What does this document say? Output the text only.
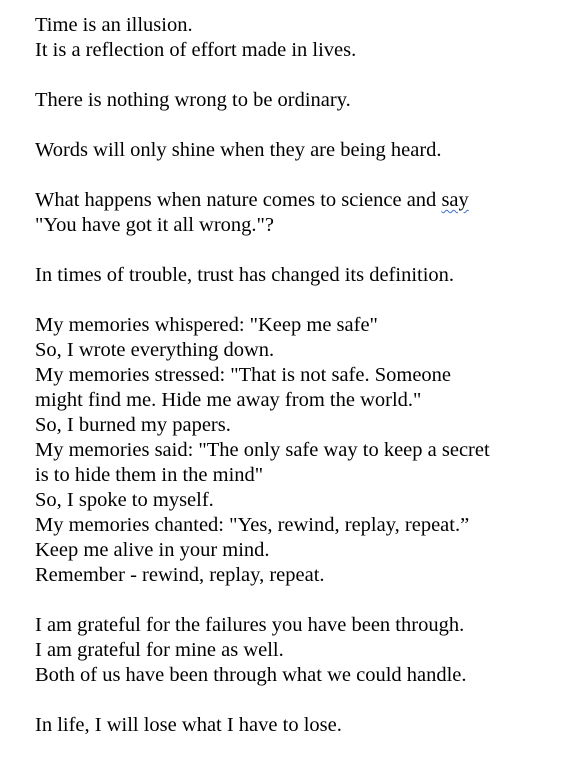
Time is an illusion.
It is a reflection of effort made in lives.
There is nothing wrong to be ordinary.
Words will only shine when they are being heard.
What happens when nature comes to science and say
"You have got it all wrong."?
In times of trouble, trust has changed its definition.
My memories whispered: "Keep me safe"
So, I wrote everything down.
My memories stressed: "That is not safe. Someone
might find me. Hide me away from the world."
So, I burned my papers.
My memories said: "The only safe way to keep a secret
is to hide them in the mind"
So, I spoke to myself.
My memories chanted: "Yes, rewind, replay, repeat.”
Keep me alive in your mind.
Remember - rewind, replay, repeat.
I am grateful for the failures you have been through.
I am grateful for mine as well.
Both of us have been through what we could handle.
In life, I will lose what I have to lose.
